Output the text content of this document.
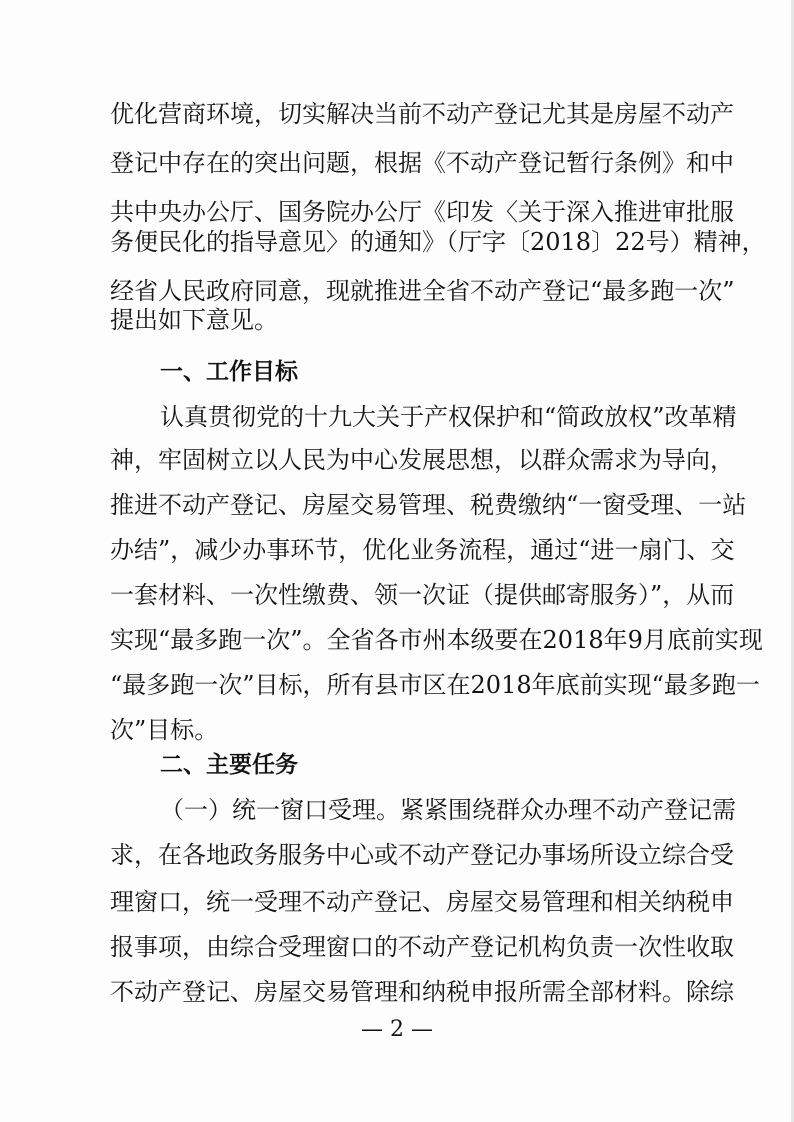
优化营商环境，切实解决当前不动产登记尤其是房屋不动产
登记中存在的突出问题，根据《不动产登记暂行条例》和中
共中央办公厅、国务院办公厅《印发〈关于深入推进审批服
务便民化的指导意见〉的通知》（厅字〔2018〕22号）精神，
经省人民政府同意，现就推进全省不动产登记“最多跑一次”
提出如下意见。
一、工作目标
认真贯彻党的十九大关于产权保护和“简政放权”改革精
神，牢固树立以人民为中心发展思想，以群众需求为导向，
推进不动产登记、房屋交易管理、税费缴纳“一窗受理、一站
办结”，减少办事环节，优化业务流程，通过“进一扇门、交
一套材料、一次性缴费、领一次证（提供邮寄服务）”，从而
实现“最多跑一次”。全省各市州本级要在2018年9月底前实现
“最多跑一次”目标，所有县市区在2018年底前实现“最多跑一
次”目标。
二、主要任务
（一）统一窗口受理。紧紧围绕群众办理不动产登记需
求，在各地政务服务中心或不动产登记办事场所设立综合受
理窗口，统一受理不动产登记、房屋交易管理和相关纳税申
报事项，由综合受理窗口的不动产登记机构负责一次性收取
不动产登记、房屋交易管理和纳税申报所需全部材料。除综
— 2 —
